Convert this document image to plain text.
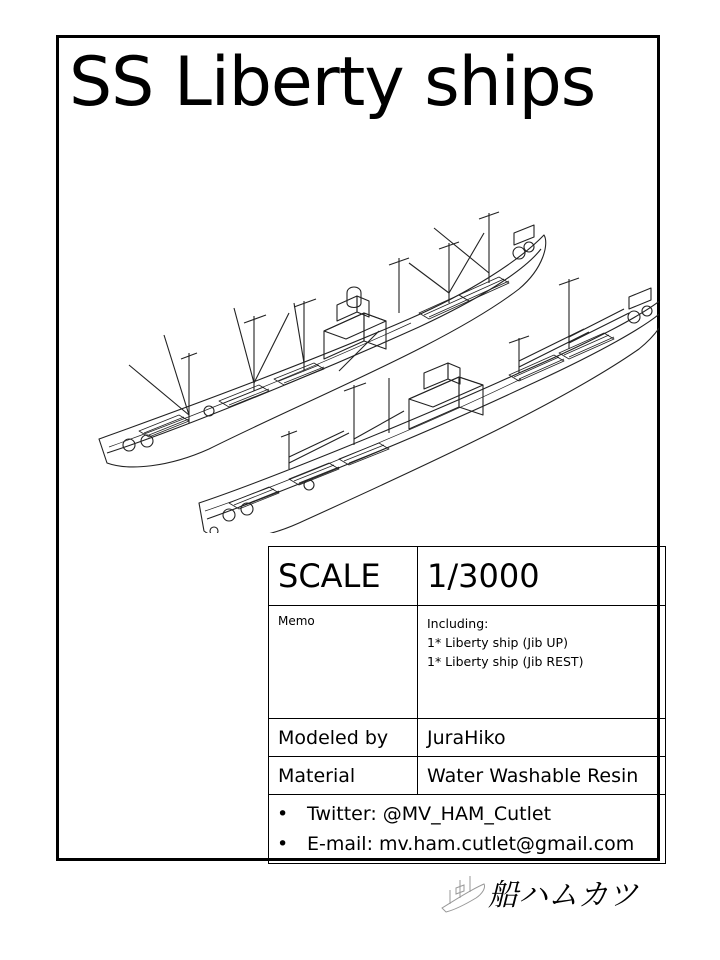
SS Liberty ships
SCALE	1/3000
Memo	Including:
1* Liberty ship (Jib UP)
1* Liberty ship (Jib REST)

Modeled by	JuraHiko
Material	Water Washable Resin

• Twitter: @MV_HAM_Cutlet
• E-mail: mv.ham.cutlet@gmail.com	
船ハムカツ
